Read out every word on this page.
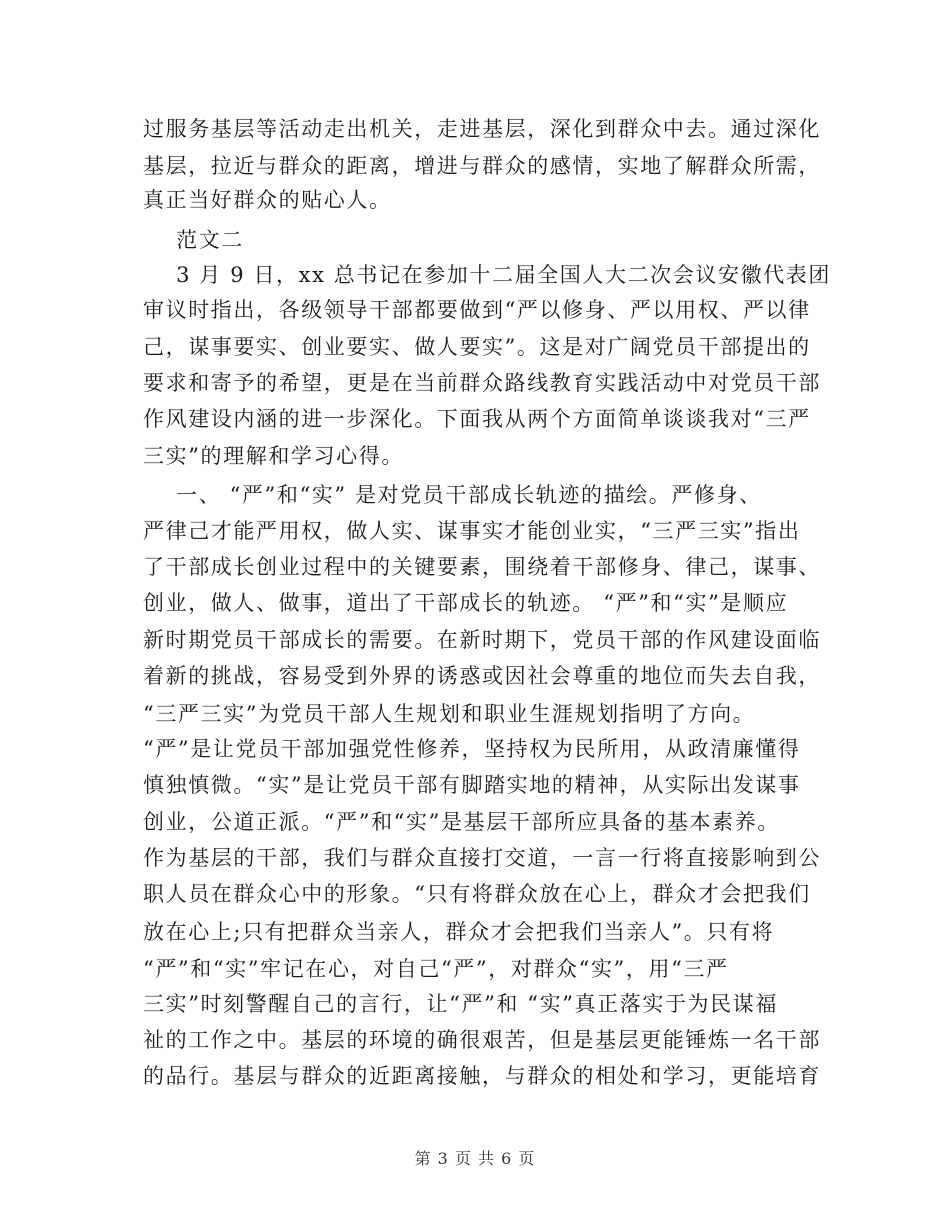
过服务基层等活动走出机关，走进基层，深化到群众中去。通过深化
基层，拉近与群众的距离，增进与群众的感情，实地了解群众所需，
真正当好群众的贴心人。
范文二
3 月 9 日，xx 总书记在参加十二届全国人大二次会议安徽代表团
审议时指出，各级领导干部都要做到“严以修身、严以用权、严以律
己，谋事要实、创业要实、做人要实”。这是对广阔党员干部提出的
要求和寄予的希望，更是在当前群众路线教育实践活动中对党员干部
作风建设内涵的进一步深化。下面我从两个方面简单谈谈我对“三严
三实”的理解和学习心得。
一、 “严”和“实” 是对党员干部成长轨迹的描绘。严修身、
严律己才能严用权，做人实、谋事实才能创业实，“三严三实”指出
了干部成长创业过程中的关键要素，围绕着干部修身、律己，谋事、
创业，做人、做事，道出了干部成长的轨迹。 “严”和“实”是顺应
新时期党员干部成长的需要。在新时期下，党员干部的作风建设面临
着新的挑战，容易受到外界的诱惑或因社会尊重的地位而失去自我，
“三严三实”为党员干部人生规划和职业生涯规划指明了方向。
“严”是让党员干部加强党性修养，坚持权为民所用，从政清廉懂得
慎独慎微。“实”是让党员干部有脚踏实地的精神，从实际出发谋事
创业，公道正派。“严”和“实”是基层干部所应具备的基本素养。
作为基层的干部，我们与群众直接打交道，一言一行将直接影响到公
职人员在群众心中的形象。“只有将群众放在心上，群众才会把我们
放在心上;只有把群众当亲人，群众才会把我们当亲人”。只有将
“严”和“实”牢记在心，对自己“严”，对群众“实”，用“三严
三实”时刻警醒自己的言行，让“严”和 “实”真正落实于为民谋福
祉的工作之中。基层的环境的确很艰苦，但是基层更能锤炼一名干部
的品行。基层与群众的近距离接触，与群众的相处和学习，更能培育
第 3 页 共 6 页
